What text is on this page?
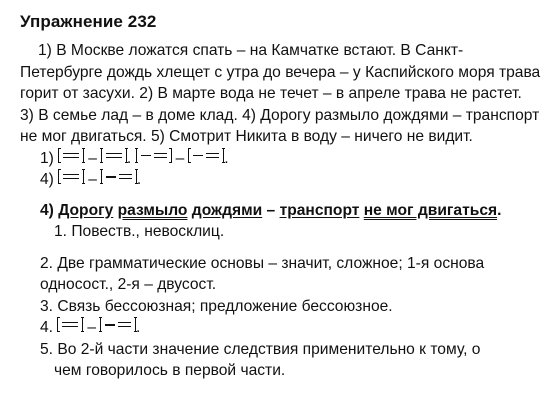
Упражнение 232

1) В Москве ложатся спать – на Камчатке встают. В Санкт-

Петербурге дождь хлещет с утра до вечера – у Каспийского моря трава

горит от засухи. 2) В марте вода не течет – в апреле трава не растет.

3) В семье лад – в доме клад. 4) Дорогу размыло дождями – транспорт

не мог двигаться. 5) Смотрит Никита в воду – ничего не видит.

1) – .	–	.

4) –	.

4) Дорогу размыло дождями – транспорт не мог двигаться.

1. Повеств., невосклиц.

2. Две грамматические основы – значит, сложное; 1-я основа

односост., 2-я – двусост.

3. Связь бессоюзная; предложение бессоюзное.

4. –	.

5. Во 2-й части значение следствия применительно к тому, о

чем говорилось в первой части.
